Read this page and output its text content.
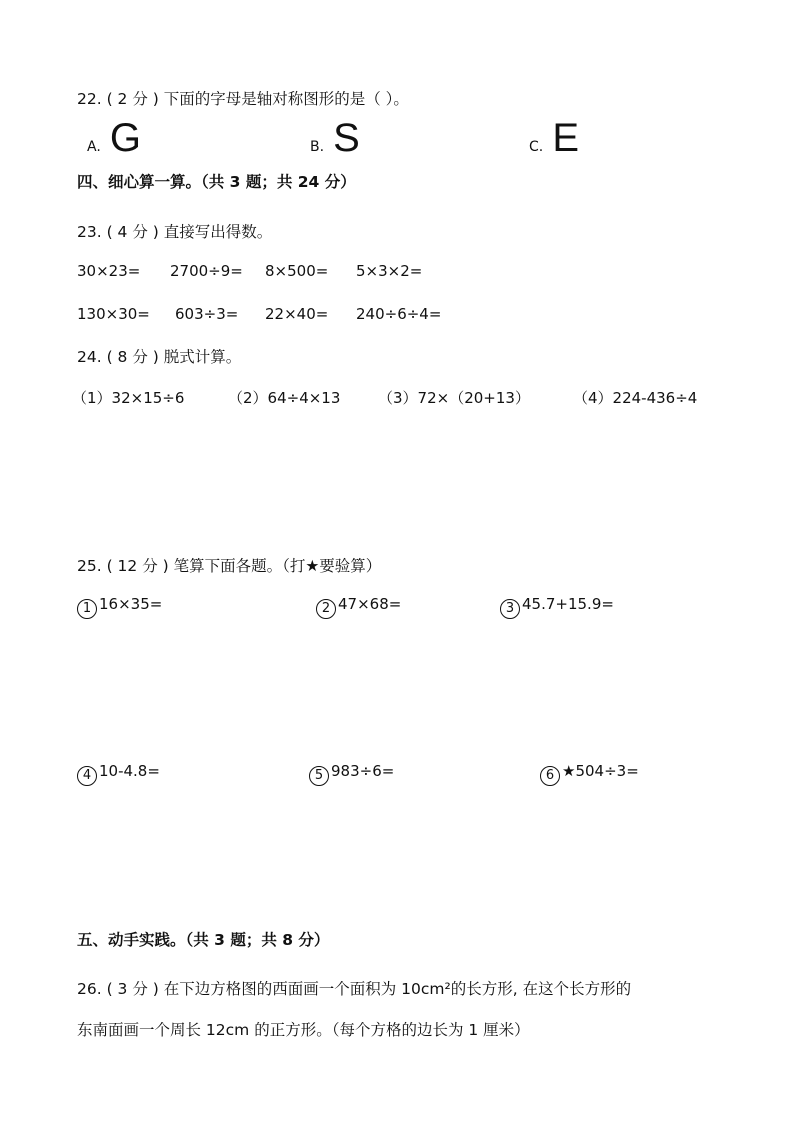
22. ( 2 分 ) 下面的字母是轴对称图形的是（ ）。
A. G	B. S	C. E
四、细心算一算。（共 3 题；共 24 分）
23. ( 4 分 ) 直接写出得数。
30×23= 2700÷9= 8×500= 5×3×2=
130×30= 603÷3= 22×40= 240÷6÷4=
24. ( 8 分 ) 脱式计算。
（1）32×15÷6	（2）64÷4×13	（3）72×（20+13）	（4）224-436÷4
25. ( 12 分 ) 笔算下面各题。（打★要验算）
1 16×35=	2 47×68=	3 45.7+15.9=
4 10-4.8=	5 983÷6=	6 ★504÷3=
五、动手实践。（共 3 题；共 8 分）
26. ( 3 分 ) 在下边方格图的西面画一个面积为 10cm²的长方形, 在这个长方形的
东南面画一个周长 12cm 的正方形。（每个方格的边长为 1 厘米）
